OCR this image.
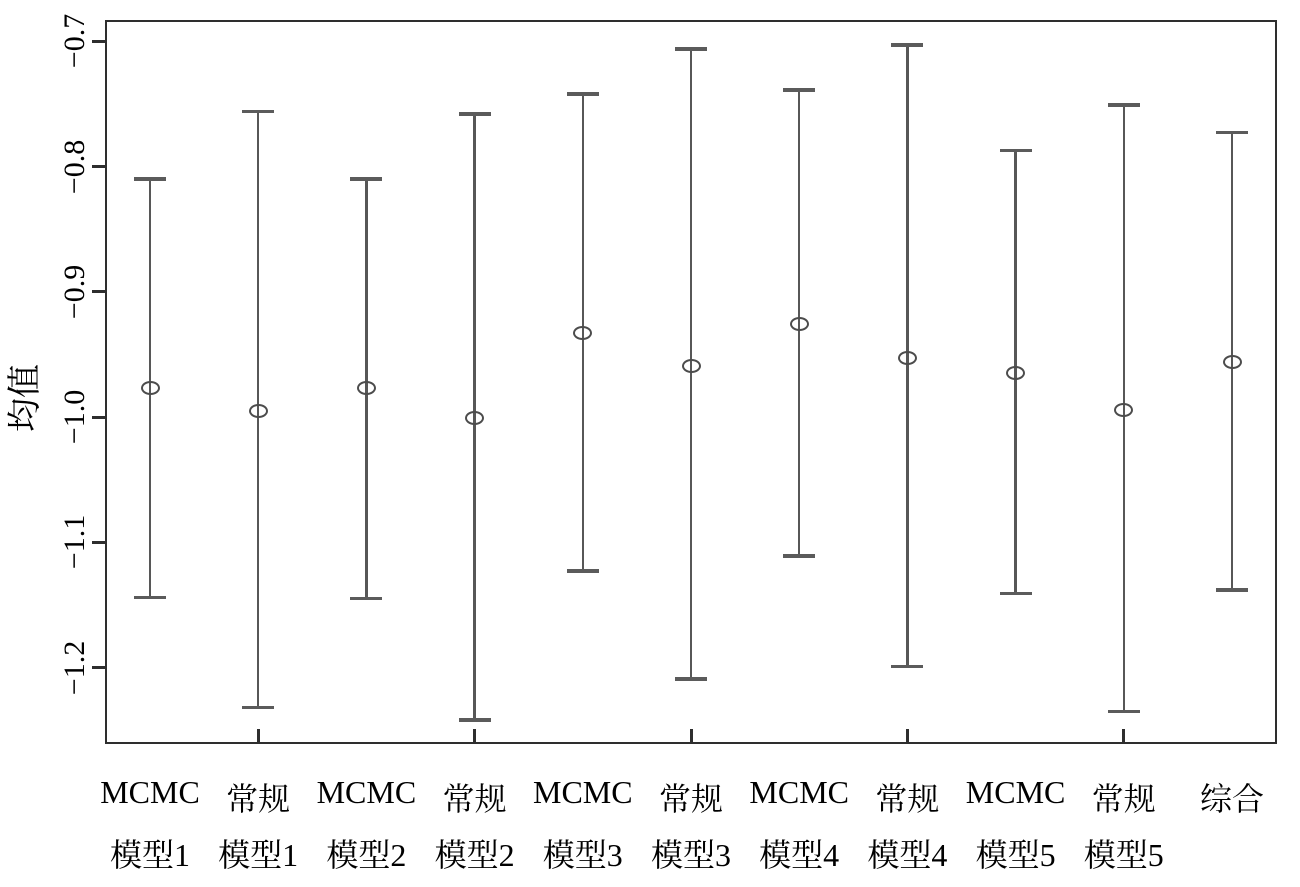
均值
−0.7
−0.8
−0.9
−1.0
−1.1
−1.2
MCMC
模型1
常规
模型1
MCMC
模型2
常规
模型2
MCMC
模型3
常规
模型3
MCMC
模型4
常规
模型4
MCMC
模型5
常规
模型5
综合
